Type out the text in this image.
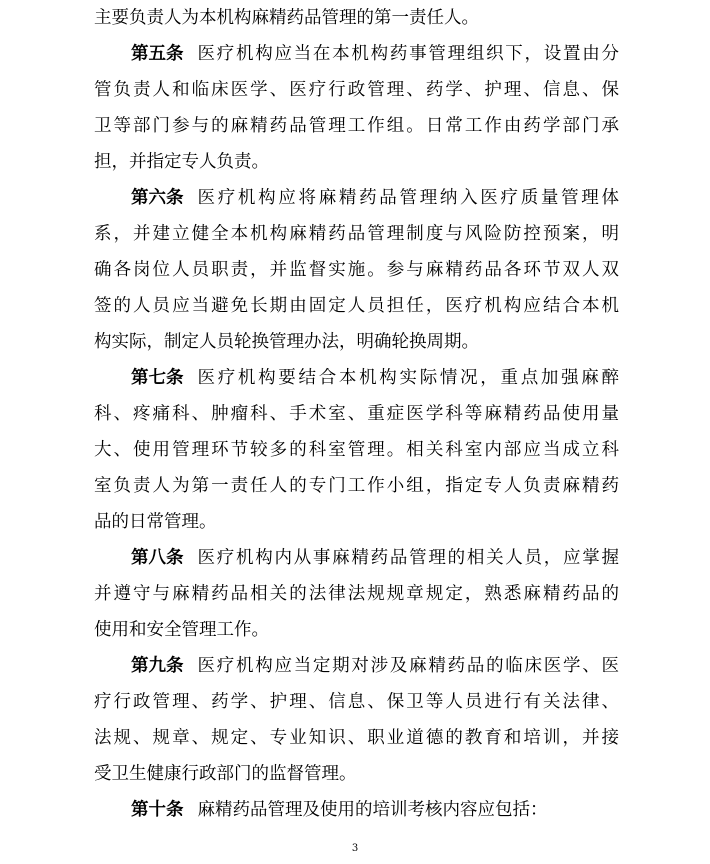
主要负责人为本机构麻精药品管理的第一责任人。
第五条 医疗机构应当在本机构药事管理组织下，设置由分
管负责人和临床医学、医疗行政管理、药学、护理、信息、保
卫等部门参与的麻精药品管理工作组。日常工作由药学部门承
担，并指定专人负责。
第六条 医疗机构应将麻精药品管理纳入医疗质量管理体
系，并建立健全本机构麻精药品管理制度与风险防控预案，明
确各岗位人员职责，并监督实施。参与麻精药品各环节双人双
签的人员应当避免长期由固定人员担任，医疗机构应结合本机
构实际，制定人员轮换管理办法，明确轮换周期。
第七条 医疗机构要结合本机构实际情况，重点加强麻醉
科、疼痛科、肿瘤科、手术室、重症医学科等麻精药品使用量
大、使用管理环节较多的科室管理。相关科室内部应当成立科
室负责人为第一责任人的专门工作小组，指定专人负责麻精药
品的日常管理。
第八条 医疗机构内从事麻精药品管理的相关人员，应掌握
并遵守与麻精药品相关的法律法规规章规定，熟悉麻精药品的
使用和安全管理工作。
第九条 医疗机构应当定期对涉及麻精药品的临床医学、医
疗行政管理、药学、护理、信息、保卫等人员进行有关法律、
法规、规章、规定、专业知识、职业道德的教育和培训，并接
受卫生健康行政部门的监督管理。
第十条 麻精药品管理及使用的培训考核内容应包括：
3
